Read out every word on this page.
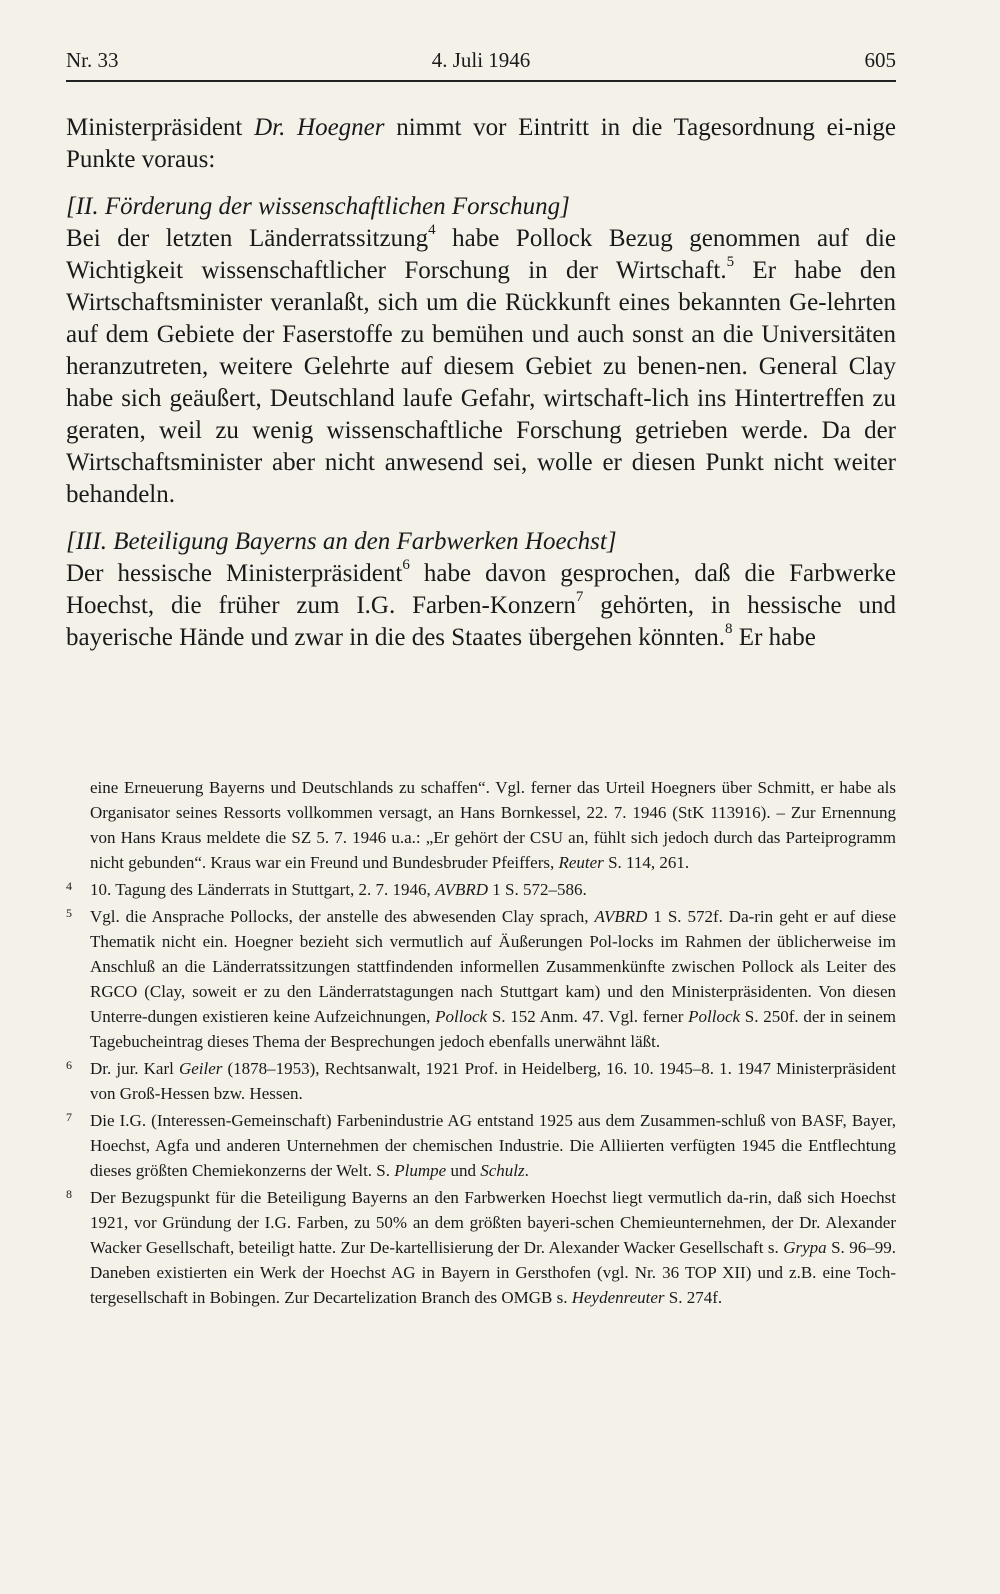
Nr. 33	4. Juli 1946	605

Ministerpräsident Dr. Hoegner nimmt vor Eintritt in die Tagesordnung ei-nige Punkte voraus:

[II. Förderung der wissenschaftlichen Forschung]

Bei der letzten Länderratssitzung$^4$ habe Pollock Bezug genommen auf die Wichtigkeit wissenschaftlicher Forschung in der Wirtschaft.$^5$ Er habe den Wirtschaftsminister veranlaßt, sich um die Rückkunft eines bekannten Ge-lehrten auf dem Gebiete der Faserstoffe zu bemühen und auch sonst an die Universitäten heranzutreten, weitere Gelehrte auf diesem Gebiet zu benen-nen. General Clay habe sich geäußert, Deutschland laufe Gefahr, wirtschaft-lich ins Hintertreffen zu geraten, weil zu wenig wissenschaftliche Forschung getrieben werde. Da der Wirtschaftsminister aber nicht anwesend sei, wolle er diesen Punkt nicht weiter behandeln.

[III. Beteiligung Bayerns an den Farbwerken Hoechst]

Der hessische Ministerpräsident$^6$ habe davon gesprochen, daß die Farbwerke Hoechst, die früher zum I.G. Farben-Konzern$^7$ gehörten, in hessische und bayerische Hände und zwar in die des Staates übergehen könnten.$^8$ Er habe

eine Erneuerung Bayerns und Deutschlands zu schaffen“. Vgl. ferner das Urteil Hoegners über Schmitt, er habe als Organisator seines Ressorts vollkommen versagt, an Hans Bornkessel, 22. 7. 1946 (StK 113916). – Zur Ernennung von Hans Kraus meldete die SZ 5. 7. 1946 u.a.: „Er gehört der CSU an, fühlt sich jedoch durch das Parteiprogramm nicht gebunden“. Kraus war ein Freund und Bundesbruder Pfeiffers, Reuter S. 114, 261.

4 10. Tagung des Länderrats in Stuttgart, 2. 7. 1946, AVBRD 1 S. 572–586.

5 Vgl. die Ansprache Pollocks, der anstelle des abwesenden Clay sprach, AVBRD 1 S. 572f. Da-rin geht er auf diese Thematik nicht ein. Hoegner bezieht sich vermutlich auf Äußerungen Pol-locks im Rahmen der üblicherweise im Anschluß an die Länderratssitzungen stattfindenden informellen Zusammenkünfte zwischen Pollock als Leiter des RGCO (Clay, soweit er zu den Länderratstagungen nach Stuttgart kam) und den Ministerpräsidenten. Von diesen Unterre-dungen existieren keine Aufzeichnungen, Pollock S. 152 Anm. 47. Vgl. ferner Pollock S. 250f. der in seinem Tagebucheintrag dieses Thema der Besprechungen jedoch ebenfalls unerwähnt läßt.

6 Dr. jur. Karl Geiler (1878–1953), Rechtsanwalt, 1921 Prof. in Heidelberg, 16. 10. 1945–8. 1. 1947 Ministerpräsident von Groß-Hessen bzw. Hessen.

7 Die I.G. (Interessen-Gemeinschaft) Farbenindustrie AG entstand 1925 aus dem Zusammen-schluß von BASF, Bayer, Hoechst, Agfa und anderen Unternehmen der chemischen Industrie. Die Alliierten verfügten 1945 die Entflechtung dieses größten Chemiekonzerns der Welt. S. Plumpe und Schulz.

8 Der Bezugspunkt für die Beteiligung Bayerns an den Farbwerken Hoechst liegt vermutlich da-rin, daß sich Hoechst 1921, vor Gründung der I.G. Farben, zu 50% an dem größten bayeri-schen Chemieunternehmen, der Dr. Alexander Wacker Gesellschaft, beteiligt hatte. Zur De-kartellisierung der Dr. Alexander Wacker Gesellschaft s. Grypa S. 96–99. Daneben existierten ein Werk der Hoechst AG in Bayern in Gersthofen (vgl. Nr. 36 TOP XII) und z.B. eine Toch-tergesellschaft in Bobingen. Zur Decartelization Branch des OMGB s. Heydenreuter S. 274f.
